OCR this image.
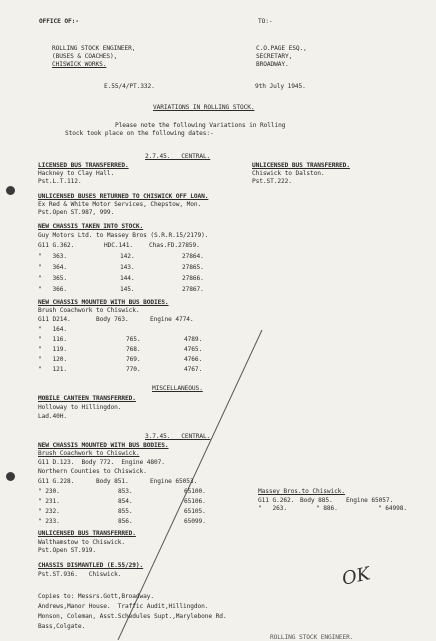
OFFICE OF:-
ROLLING STOCK ENGINEER,
(BUSES & COACHES),
CHISWICK WORKS.
TO:-
C.O.PAGE ESQ.,
SECRETARY,
BROADWAY.
E.55/4/PT.332.	9th July 1945.
VARIATIONS IN ROLLING STOCK.
Please note the following Variations in Rolling
Stock took place on the following dates:-
2.7.45.   CENTRAL.
LICENSED BUS TRANSFERRED.
Hackney to Clay Hall.
Pst.L.T.112.
UNLICENSED BUS TRANSFERRED.
Chiswick to Dalston.
Pst.ST.222.
UNLICENSED BUSES RETURNED TO CHISWICK OFF LOAN.
Ex Red & White Motor Services, Chepstow, Mon.
Pst.Open ST.987, 999.
NEW CHASSIS TAKEN INTO STOCK.
Guy Motors Ltd. to Massey Bros (S.R.R.15/2179).
G11 G.362.	HDC.141.	Chas.FD.27859.
"   363.	142.	27864.
"   364.	143.	27865.
"   365.	144.	27866.
"   366.	145.	27867.
NEW CHASSIS MOUNTED WITH BUS BODIES.
Brush Coachwork to Chiswick.
G11 D214.	Body 763.	Engine 4774.
"   164.
"   116.	765.	4789.
"   119.	768.	4765.
"   120.	769.	4766.
"   121.	770.	4767.
MISCELLANEOUS.
MOBILE CANTEEN TRANSFERRED.
Holloway to Hillingdon.
Lad.40H.
3.7.45.   CENTRAL.
NEW CHASSIS MOUNTED WITH BUS BODIES.
Brush Coachwork to Chiswick.
G11 D.123.  Body 772.  Engine 4807.
Northern Counties to Chiswick.
G11 G.228.	Body 851.	Engine 65053.
" 230.	853.	65100.
" 231.	854.	65106.
" 232.	855.	65105.
" 233.	856.	65099.
Massey Bros.to Chiswick.
G11 G.262. Body 885. Engine 65057.
"   263.	" 886.	" 64998.
UNLICENSED BUS TRANSFERRED.
Walthamstow to Chiswick.
Pst.Open ST.919.
CHASSIS DISMANTLED (E.55/29).
Pst.ST.936.   Chiswick.	OK
Copies to: Messrs.Gott,Broadway.
Andrews,Manor House.  Traffic Audit,Hillingdon.
Monson, Coleman, Asst.Schedules Supt.,Marylebone Rd.
Bass,Colgate.
ROLLING STOCK ENGINEER.
